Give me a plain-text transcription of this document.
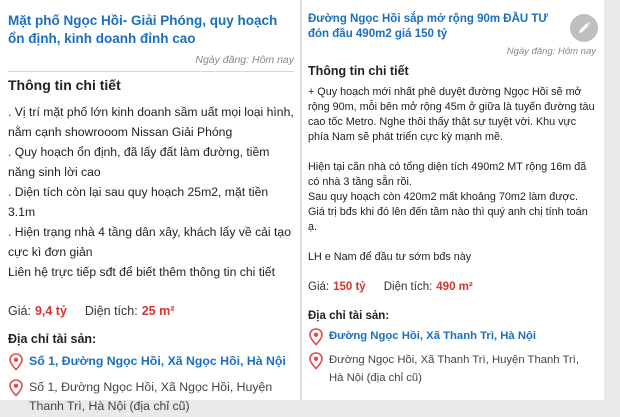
Mặt phố Ngọc Hồi- Giải Phóng, quy hoạch ổn định, kinh doanh đỉnh cao
Ngày đăng: Hôm nay
Thông tin chi tiết

. Vị trí mặt phố lớn kinh doanh sầm uất mọi loại hình, nằm cạnh showrooom Nissan Giải Phóng

. Quy hoạch ổn định, đã lấy đất làm đường, tiềm năng sinh lời cao

. Diện tích còn lại sau quy hoạch 25m2, mặt tiền 3.1m

. Hiện trạng nhà 4 tầng dân xây, khách lấy về cải tạo cực kì đơn giản

Liên hệ trực tiếp sđt để biết thêm thông tin chi tiết

Giá: 9,4 tỷ Diện tích: 25 m²
Địa chỉ tài sản:
Số 1, Đường Ngọc Hồi, Xã Ngọc Hồi, Hà Nội
Số 1, Đường Ngọc Hồi, Xã Ngọc Hồi, Huyện Thanh Trì, Hà Nội (địa chỉ cũ)
Đường Ngọc Hồi sắp mở rộng 90m ĐẦU TƯ đón đầu 490m2 giá 150 tỷ
Ngày đăng: Hôm nay
Thông tin chi tiết

+ Quy hoạch mới nhất phê duyệt đường Ngọc Hồi sẽ mở rộng 90m, mỗi bên mở rộng 45m ở giữa là tuyến đường tàu cao tốc Metro. Nghe thôi thấy thật sự tuyệt vời. Khu vực phía Nam sẽ phát triển cực kỳ mạnh mẽ.

Hiện tại căn nhà có tổng diện tích 490m2 MT rộng 16m đã có nhà 3 tầng sẵn rồi.

Sau quy hoạch còn 420m2 mất khoảng 70m2 làm được.

Giá trị bđs khi đó lên đến tầm nào thì quý anh chị tính toán ạ.

LH e Nam để đầu tư sớm bđs này

Giá: 150 tỷ Diện tích: 490 m²
Địa chỉ tài sản:
Đường Ngọc Hồi, Xã Thanh Trì, Hà Nội
Đường Ngọc Hồi, Xã Thanh Trì, Huyện Thanh Trì, Hà Nội (địa chỉ cũ)
